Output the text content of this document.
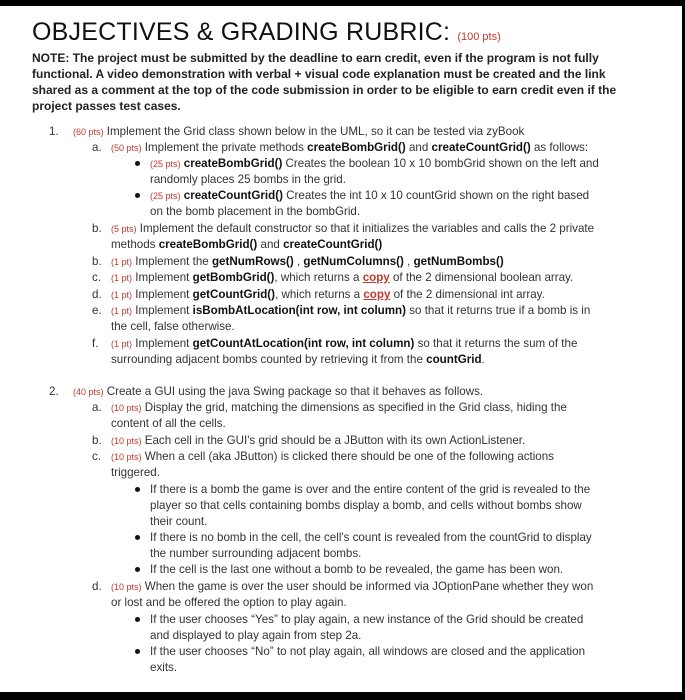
OBJECTIVES & GRADING RUBRIC: (100 pts)

NOTE: The project must be submitted by the deadline to earn credit, even if the program is not fully functional. A video demonstration with verbal + visual code explanation must be created and the link shared as a comment at the top of the code submission in order to be eligible to earn credit even if the project passes test cases.

1. (60 pts) Implement the Grid class shown below in the UML, so it can be tested via zyBook
a. (50 pts) Implement the private methods createBombGrid() and createCountGrid() as follows:
(25 pts) createBombGrid() Creates the boolean 10 x 10 bombGrid shown on the left and
randomly places 25 bombs in the grid.
(25 pts) createCountGrid() Creates the int 10 x 10 countGrid shown on the right based
on the bomb placement in the bombGrid.
b. (5 pts) Implement the default constructor so that it initializes the variables and calls the 2 private
methods createBombGrid() and createCountGrid()
b. (1 pt) Implement the getNumRows() , getNumColumns() , getNumBombs()
c. (1 pt) Implement getBombGrid(), which returns a copy of the 2 dimensional boolean array.
d. (1 pt) Implement getCountGrid(), which returns a copy of the 2 dimensional int array.
e. (1 pt) Implement isBombAtLocation(int row, int column) so that it returns true if a bomb is in
the cell, false otherwise.
f. (1 pt) Implement getCountAtLocation(int row, int column) so that it returns the sum of the
surrounding adjacent bombs counted by retrieving it from the countGrid.
2. (40 pts) Create a GUI using the java Swing package so that it behaves as follows.
a. (10 pts) Display the grid, matching the dimensions as specified in the Grid class, hiding the
content of all the cells.
b. (10 pts) Each cell in the GUI's grid should be a JButton with its own ActionListener.
c. (10 pts) When a cell (aka JButton) is clicked there should be one of the following actions
triggered.
If there is a bomb the game is over and the entire content of the grid is revealed to the
player so that cells containing bombs display a bomb, and cells without bombs show
their count.
If there is no bomb in the cell, the cell's count is revealed from the countGrid to display
the number surrounding adjacent bombs.
If the cell is the last one without a bomb to be revealed, the game has been won.
d. (10 pts) When the game is over the user should be informed via JOptionPane whether they won
or lost and be offered the option to play again.
If the user chooses “Yes” to play again, a new instance of the Grid should be created
and displayed to play again from step 2a.
If the user chooses “No” to not play again, all windows are closed and the application
exits.
